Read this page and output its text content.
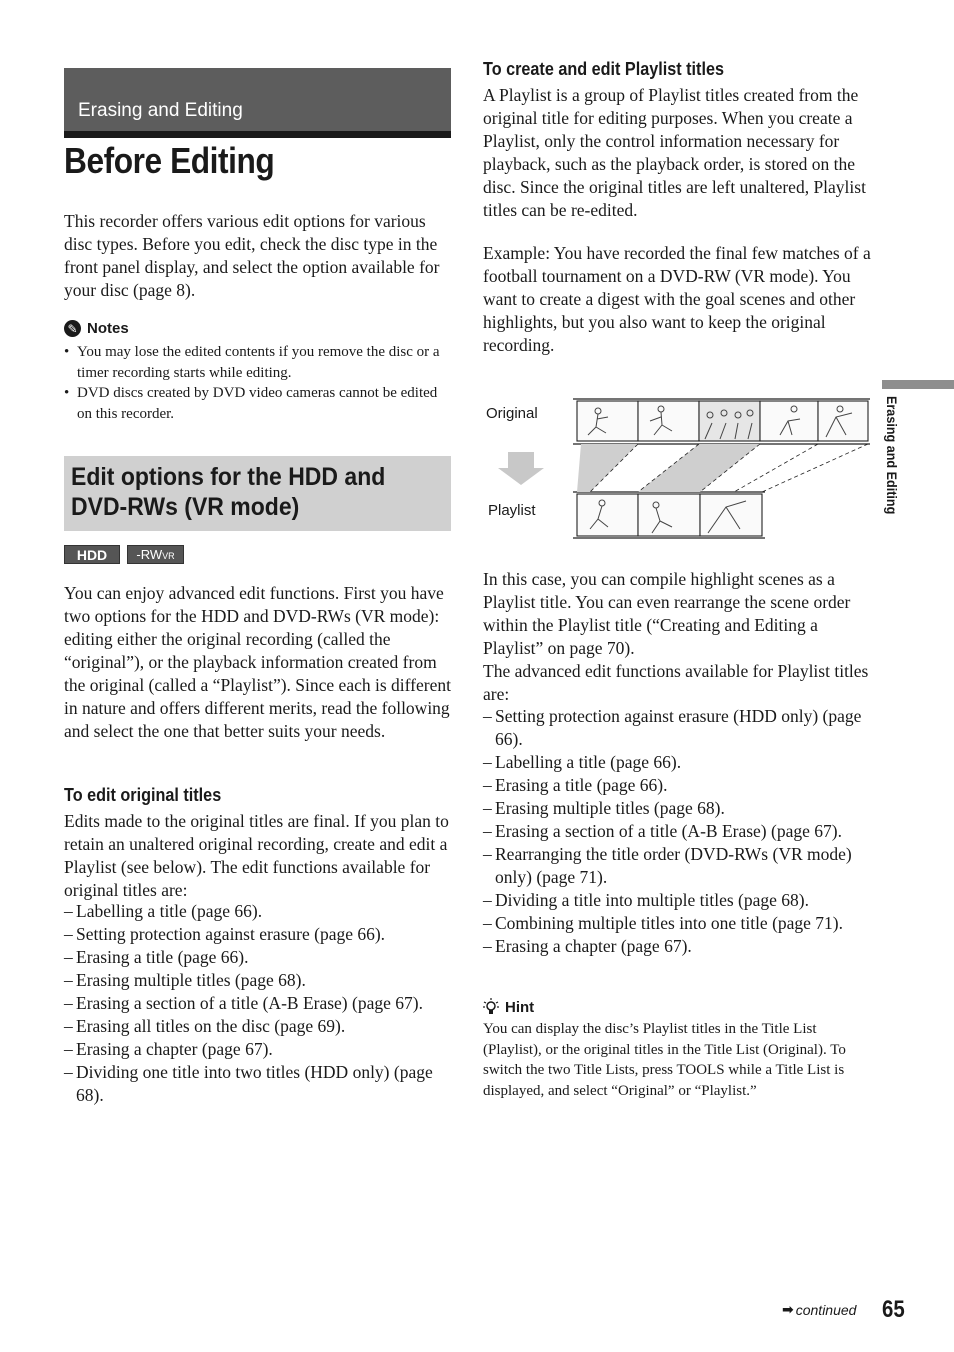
Erasing and Editing
Before Editing
This recorder offers various edit options for various disc types. Before you edit, check the disc type in the front panel display, and select the option available for your disc (page 8).
✎ Notes
• You may lose the edited contents if you remove the disc or a timer recording starts while editing.
• DVD discs created by DVD video cameras cannot be edited on this recorder.
Edit options for the HDD and DVD-RWs (VR mode)
HDD	-RW VR
You can enjoy advanced edit functions. First you have two options for the HDD and DVD-RWs (VR mode): editing either the original recording (called the “original”), or the playback information created from the original (called a “Playlist”). Since each is different in nature and offers different merits, read the following and select the one that better suits your needs.
To edit original titles
Edits made to the original titles are final. If you plan to retain an unaltered original recording, create and edit a Playlist (see below). The edit functions available for original titles are:
– Labelling a title (page 66).
– Setting protection against erasure (page 66).
– Erasing a title (page 66).
– Erasing multiple titles (page 68).
– Erasing a section of a title (A-B Erase) (page 67).
– Erasing all titles on the disc (page 69).
– Erasing a chapter (page 67).
– Dividing one title into two titles (HDD only) (page 68).
To create and edit Playlist titles
A Playlist is a group of Playlist titles created from the original title for editing purposes. When you create a Playlist, only the control information necessary for playback, such as the playback order, is stored on the disc. Since the original titles are left unaltered, Playlist titles can be re-edited.
Example: You have recorded the final few matches of a football tournament on a DVD-RW (VR mode). You want to create a digest with the goal scenes and other highlights, but you also want to keep the original recording.
Original
Playlist
In this case, you can compile highlight scenes as a Playlist title. You can even rearrange the scene order within the Playlist title (“Creating and Editing a Playlist” on page 70).
The advanced edit functions available for Playlist titles are:
– Setting protection against erasure (HDD only) (page 66).
– Labelling a title (page 66).
– Erasing a title (page 66).
– Erasing multiple titles (page 68).
– Erasing a section of a title (A-B Erase) (page 67).
– Rearranging the title order (DVD-RWs (VR mode) only) (page 71).
– Dividing a title into multiple titles (page 68).
– Combining multiple titles into one title (page 71).
– Erasing a chapter (page 67).
Hint
You can display the disc’s Playlist titles in the Title List (Playlist), or the original titles in the Title List (Original). To switch the two Title Lists, press TOOLS while a Title List is displayed, and select “Original” or “Playlist.”
Erasing and Editing
➡ continued 65
